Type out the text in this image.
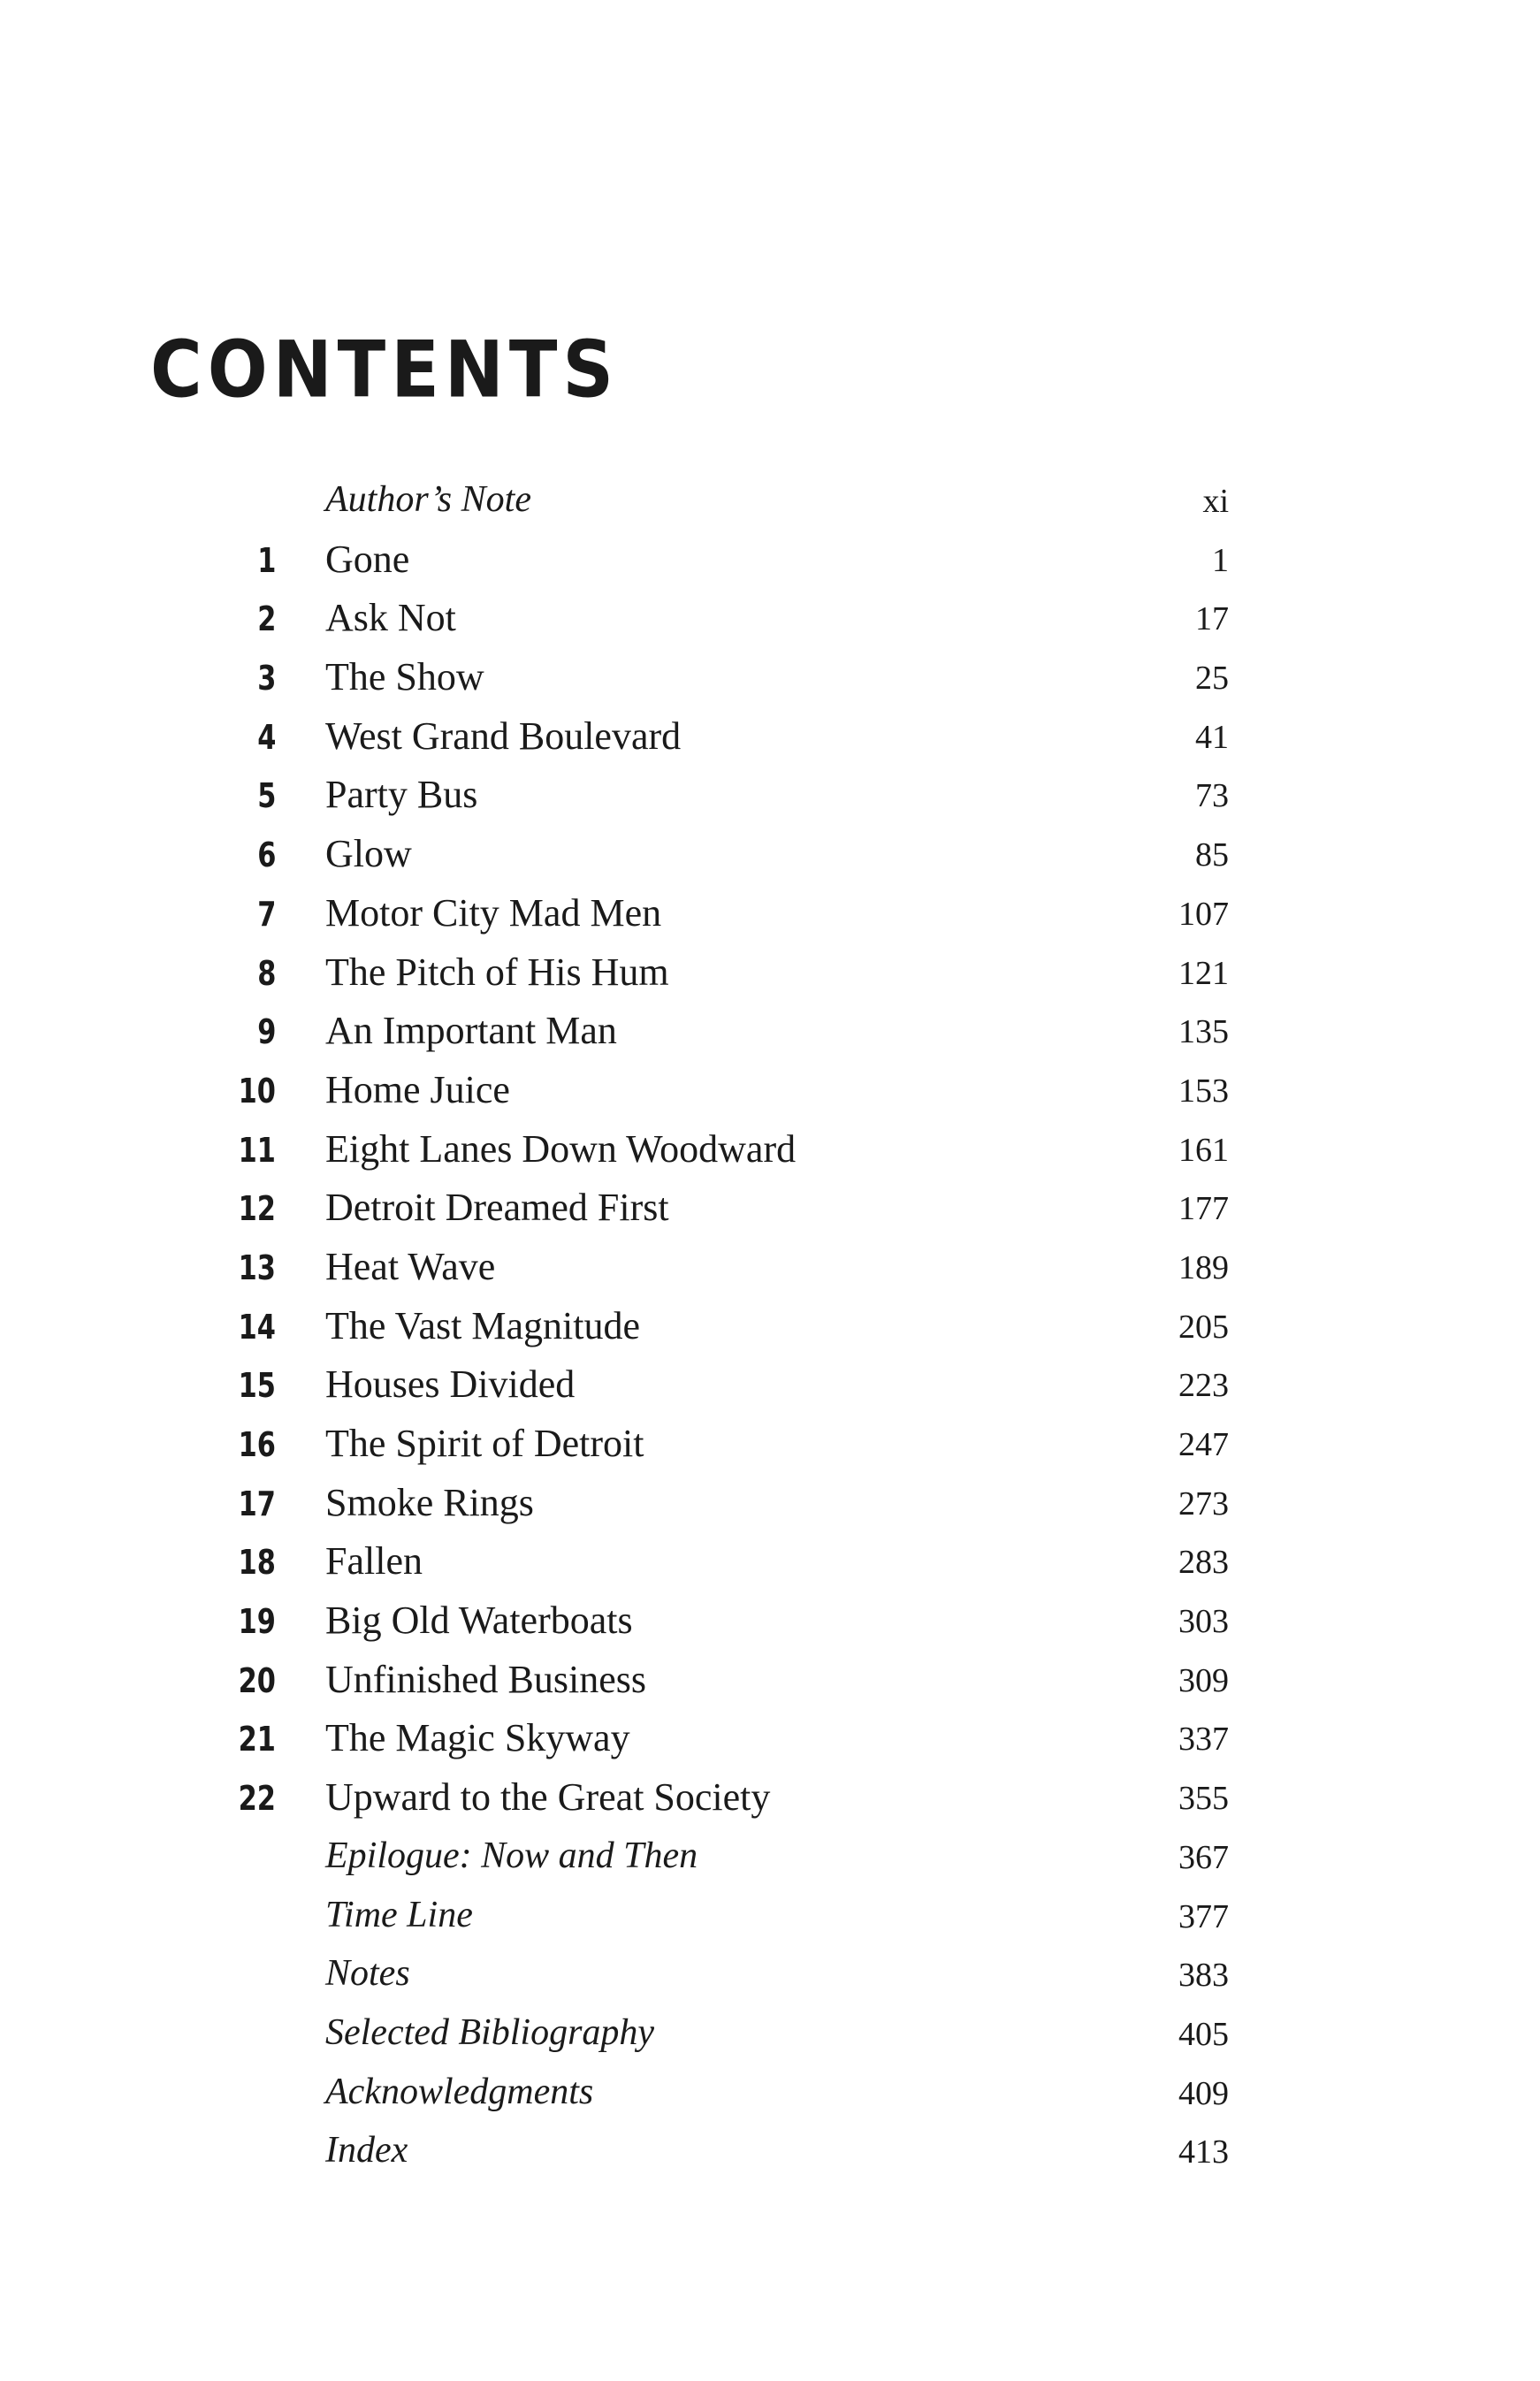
CONTENTS
Author’s Note	xi
1 Gone	1
2 Ask Not	17
3 The Show	25
4 West Grand Boulevard	41
5 Party Bus	73
6 Glow	85
7 Motor City Mad Men	107
8 The Pitch of His Hum	121
9 An Important Man	135
10 Home Juice	153
11 Eight Lanes Down Woodward	161
12 Detroit Dreamed First	177
13 Heat Wave	189
14 The Vast Magnitude	205
15 Houses Divided	223
16 The Spirit of Detroit	247
17 Smoke Rings	273
18 Fallen	283
19 Big Old Waterboats	303
20 Unfinished Business	309
21 The Magic Skyway	337
22 Upward to the Great Society	355
Epilogue: Now and Then	367
Time Line	377
Notes	383
Selected Bibliography	405
Acknowledgments	409
Index	413
